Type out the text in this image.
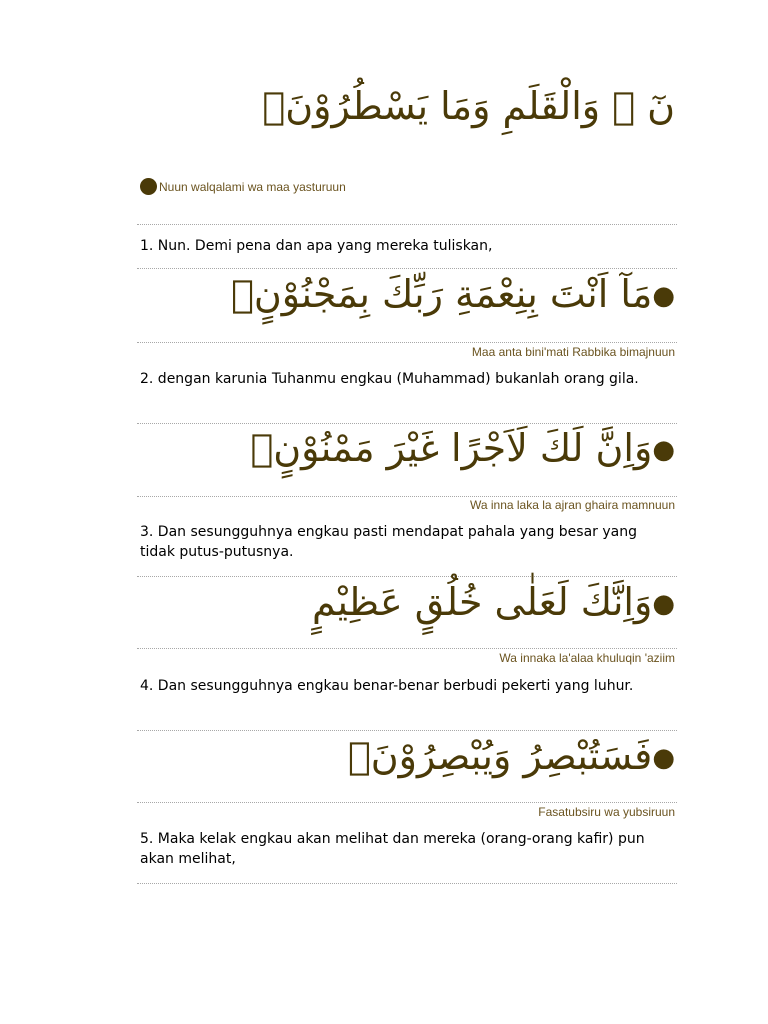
نٓ ۚ وَالْقَلَمِ وَمَا يَسْطُرُوْنَۙ
Nuun walqalami wa maa yasturuun
1. Nun. Demi pena dan apa yang mereka tuliskan,
●مَآ اَنْتَ بِنِعْمَةِ رَبِّكَ بِمَجْنُوْنٍۚ
Maa anta bini'mati Rabbika bimajnuun
2. dengan karunia Tuhanmu engkau (Muhammad) bukanlah orang gila.
●وَاِنَّ لَكَ لَاَجْرًا غَيْرَ مَمْنُوْنٍۚ
Wa inna laka la ajran ghaira mamnuun
3. Dan sesungguhnya engkau pasti mendapat pahala yang besar yang tidak putus-putusnya.
●وَاِنَّكَ لَعَلٰى خُلُقٍ عَظِيْمٍ
Wa innaka la'alaa khuluqin 'aziim
4. Dan sesungguhnya engkau benar-benar berbudi pekerti yang luhur.
●فَسَتُبْصِرُ وَيُبْصِرُوْنَۙ
Fasatubsiru wa yubsiruun
5. Maka kelak engkau akan melihat dan mereka (orang-orang kafir) pun akan melihat,
